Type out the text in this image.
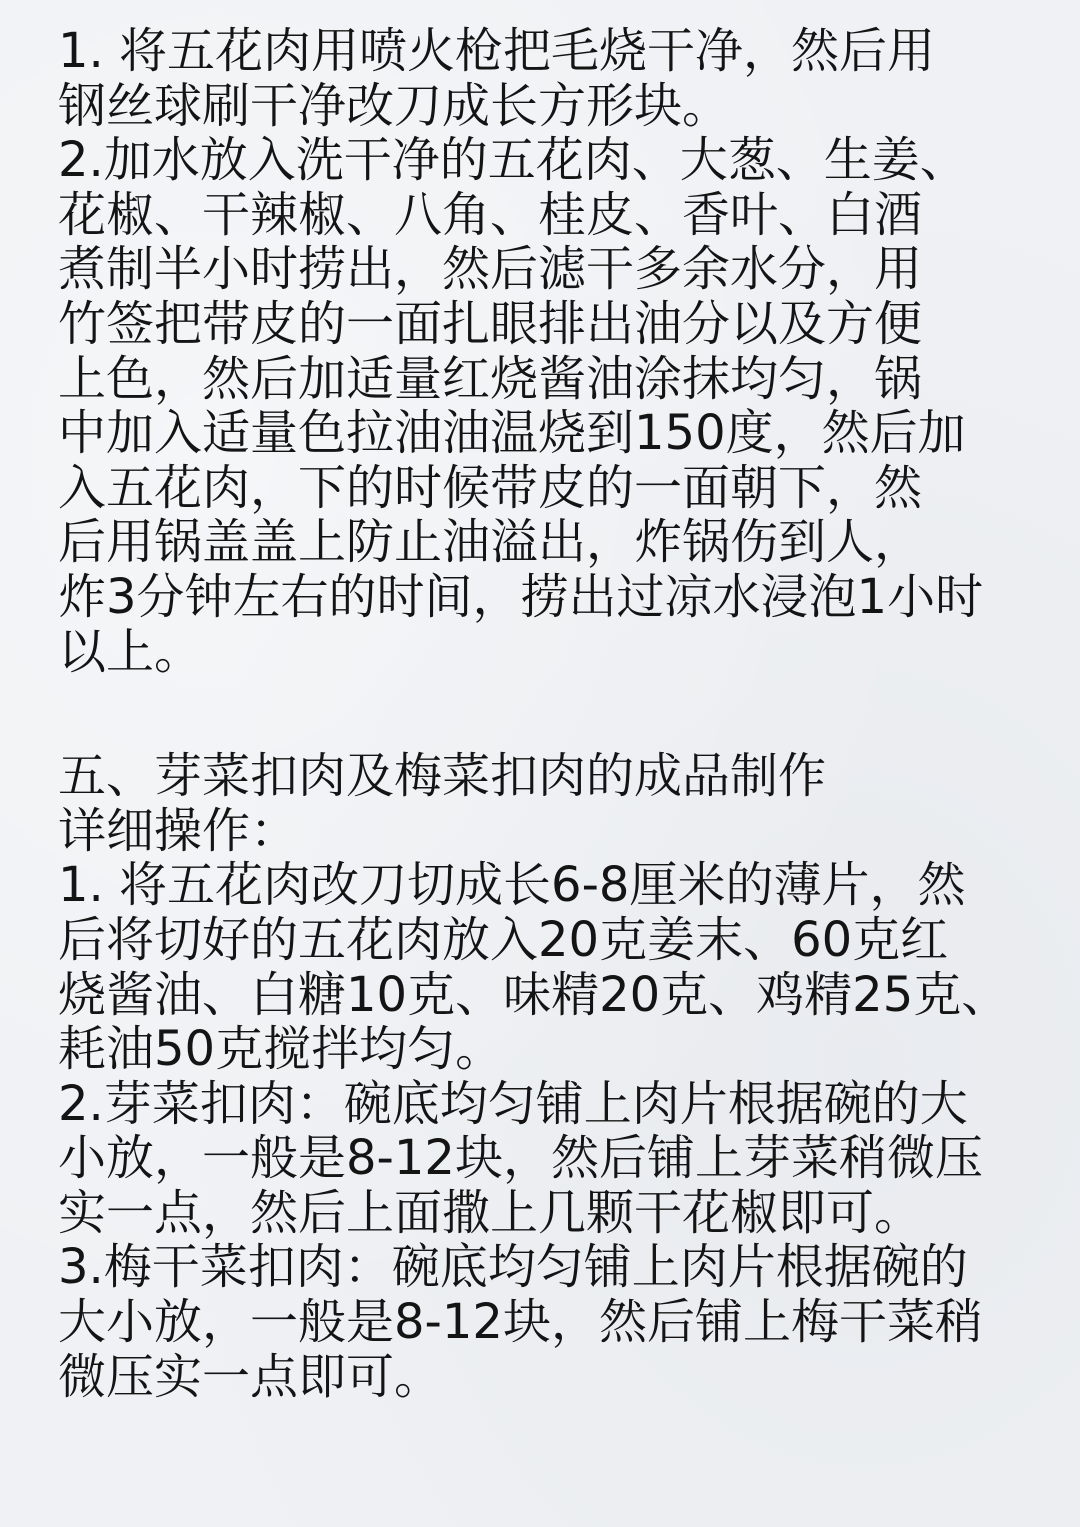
1. 将五花肉用喷火枪把毛烧干净，然后用
钢丝球刷干净改刀成长方形块。
2.加水放入洗干净的五花肉、大葱、生姜、
花椒、干辣椒、八角、桂皮、香叶、白酒
煮制半小时捞出，然后滤干多余水分，用
竹签把带皮的一面扎眼排出油分以及方便
上色，然后加适量红烧酱油涂抹均匀，锅
中加入适量色拉油油温烧到150度，然后加
入五花肉，下的时候带皮的一面朝下，然
后用锅盖盖上防止油溢出，炸锅伤到人，
炸3分钟左右的时间，捞出过凉水浸泡1小时
以上。
五、芽菜扣肉及梅菜扣肉的成品制作
详细操作：
1. 将五花肉改刀切成长6-8厘米的薄片，然
后将切好的五花肉放入20克姜末、60克红
烧酱油、白糖10克、味精20克、鸡精25克、
耗油50克搅拌均匀。
2.芽菜扣肉：碗底均匀铺上肉片根据碗的大
小放，一般是8-12块，然后铺上芽菜稍微压
实一点，然后上面撒上几颗干花椒即可。
3.梅干菜扣肉：碗底均匀铺上肉片根据碗的
大小放，一般是8-12块，然后铺上梅干菜稍
微压实一点即可。
